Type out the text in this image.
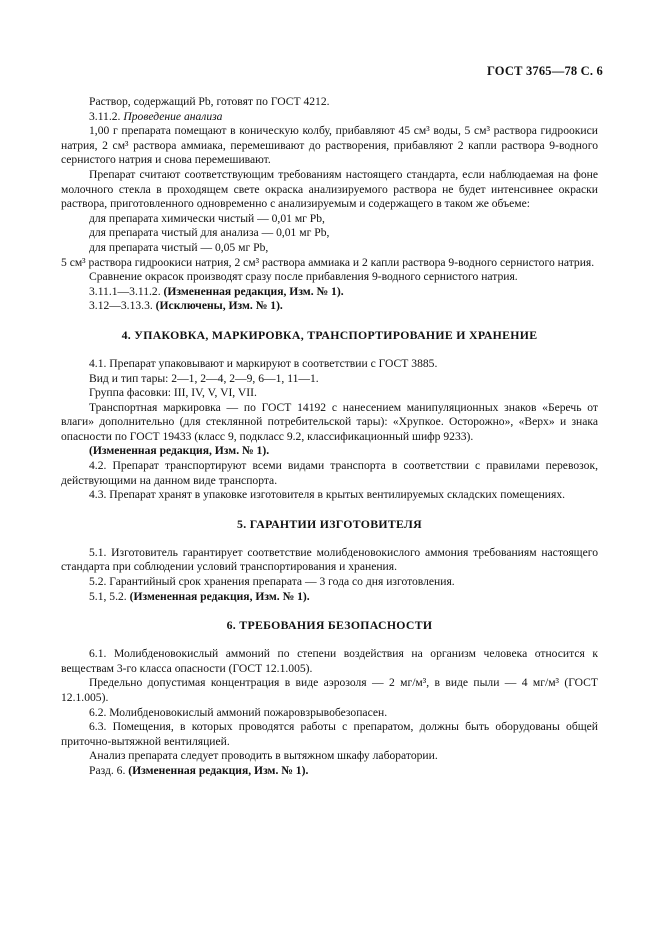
ГОСТ 3765—78 С. 6

Раствор, содержащий Pb, готовят по ГОСТ 4212.

3.11.2. Проведение анализа

1,00 г препарата помещают в коническую колбу, прибавляют 45 см³ воды, 5 см³ раствора гидроокиси натрия, 2 см³ раствора аммиака, перемешивают до растворения, прибавляют 2 капли раствора 9-водного сернистого натрия и снова перемешивают.

Препарат считают соответствующим требованиям настоящего стандарта, если наблюдаемая на фоне молочного стекла в проходящем свете окраска анализируемого раствора не будет интенсивнее окраски раствора, приготовленного одновременно с анализируемым и содержащего в таком же объеме:

для препарата химически чистый — 0,01 мг Pb,

для препарата чистый для анализа — 0,01 мг Pb,

для препарата чистый — 0,05 мг Pb,

5 см³ раствора гидроокиси натрия, 2 см³ раствора аммиака и 2 капли раствора 9-водного сернистого натрия.

Сравнение окрасок производят сразу после прибавления 9-водного сернистого натрия.

3.11.1—3.11.2. (Измененная редакция, Изм. № 1).

3.12—3.13.3. (Исключены, Изм. № 1).

4. УПАКОВКА, МАРКИРОВКА, ТРАНСПОРТИРОВАНИЕ И ХРАНЕНИЕ

4.1. Препарат упаковывают и маркируют в соответствии с ГОСТ 3885.

Вид и тип тары: 2—1, 2—4, 2—9, 6—1, 11—1.

Группа фасовки: III, IV, V, VI, VII.

Транспортная маркировка — по ГОСТ 14192 с нанесением манипуляционных знаков «Беречь от влаги» дополнительно (для стеклянной потребительской тары): «Хрупкое. Осторожно», «Верх» и знака опасности по ГОСТ 19433 (класс 9, подкласс 9.2, классификационный шифр 9233).

(Измененная редакция, Изм. № 1).

4.2. Препарат транспортируют всеми видами транспорта в соответствии с правилами перевозок, действующими на данном виде транспорта.

4.3. Препарат хранят в упаковке изготовителя в крытых вентилируемых складских помещениях.

5. ГАРАНТИИ ИЗГОТОВИТЕЛЯ

5.1. Изготовитель гарантирует соответствие молибденовокислого аммония требованиям настоящего стандарта при соблюдении условий транспортирования и хранения.

5.2. Гарантийный срок хранения препарата — 3 года со дня изготовления.

5.1, 5.2. (Измененная редакция, Изм. № 1).

6. ТРЕБОВАНИЯ БЕЗОПАСНОСТИ

6.1. Молибденовокислый аммоний по степени воздействия на организм человека относится к веществам 3-го класса опасности (ГОСТ 12.1.005).

Предельно допустимая концентрация в виде аэрозоля — 2 мг/м³, в виде пыли — 4 мг/м³ (ГОСТ 12.1.005).

6.2. Молибденовокислый аммоний пожаровзрывобезопасен.

6.3. Помещения, в которых проводятся работы с препаратом, должны быть оборудованы общей приточно-вытяжной вентиляцией.

Анализ препарата следует проводить в вытяжном шкафу лаборатории.

Разд. 6. (Измененная редакция, Изм. № 1).
